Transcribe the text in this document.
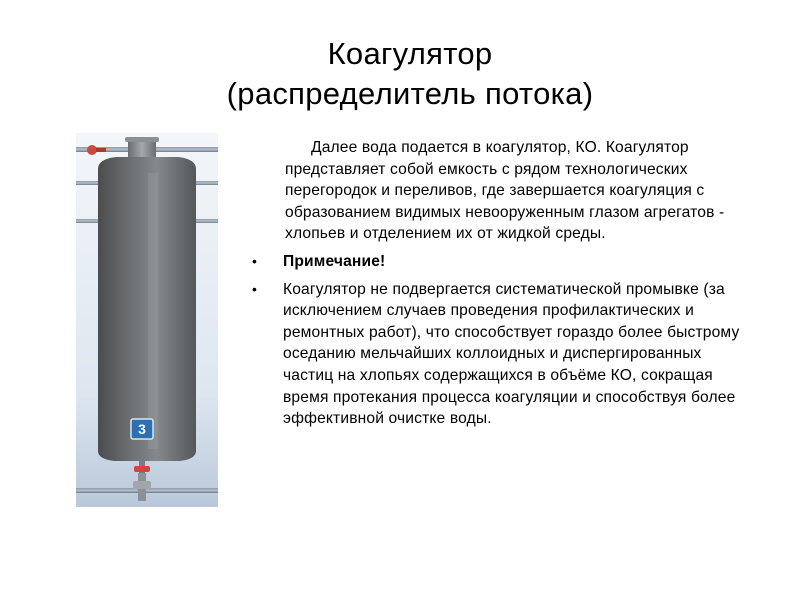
Коагулятор
(распределитель потока)
3
Далее вода подается в коагулятор, КО. Коагулятор представляет собой емкость с рядом технологических перегородок и переливов, где завершается коагуляция с образованием видимых невооруженным глазом агрегатов - хлопьев и отделением их от жидкой среды.
• Примечание!
• Коагулятор не подвергается систематической промывке (за исключением случаев проведения профилактических и ремонтных работ), что способствует гораздо более быстрому оседанию мельчайших коллоидных и диспергированных частиц на хлопьях содержащихся в объёме КО, сокращая время протекания процесса коагуляции и способствуя более эффективной очистке воды.
